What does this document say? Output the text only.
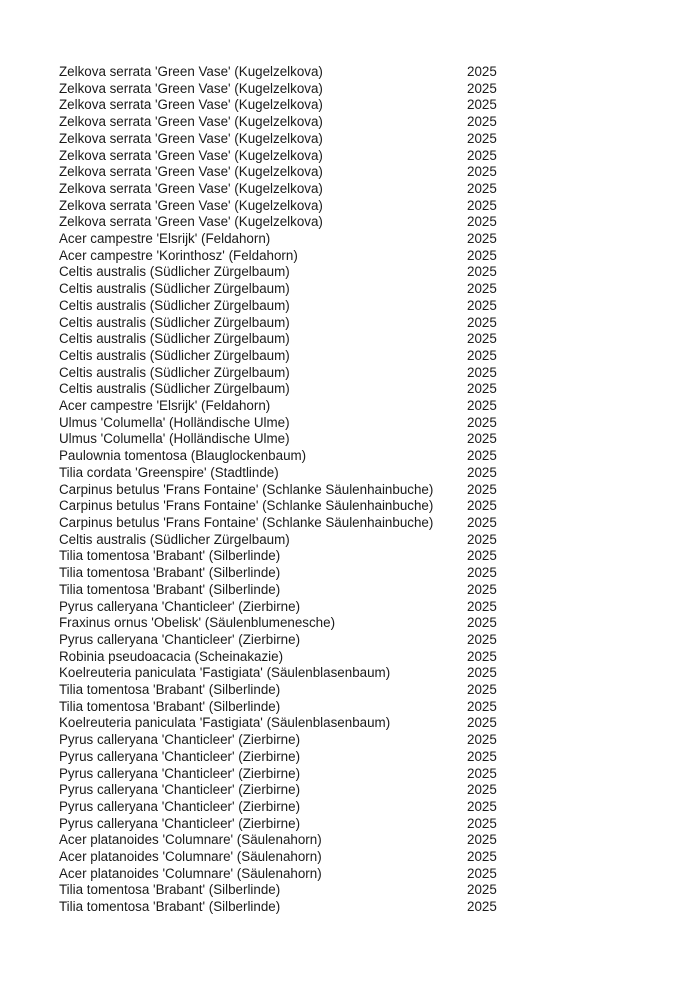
Zelkova serrata 'Green Vase' (Kugelzelkova)	2025
Zelkova serrata 'Green Vase' (Kugelzelkova)	2025
Zelkova serrata 'Green Vase' (Kugelzelkova)	2025
Zelkova serrata 'Green Vase' (Kugelzelkova)	2025
Zelkova serrata 'Green Vase' (Kugelzelkova)	2025
Zelkova serrata 'Green Vase' (Kugelzelkova)	2025
Zelkova serrata 'Green Vase' (Kugelzelkova)	2025
Zelkova serrata 'Green Vase' (Kugelzelkova)	2025
Zelkova serrata 'Green Vase' (Kugelzelkova)	2025
Zelkova serrata 'Green Vase' (Kugelzelkova)	2025
Acer campestre 'Elsrijk' (Feldahorn)	2025
Acer campestre 'Korinthosz' (Feldahorn)	2025
Celtis australis (Südlicher Zürgelbaum)	2025
Celtis australis (Südlicher Zürgelbaum)	2025
Celtis australis (Südlicher Zürgelbaum)	2025
Celtis australis (Südlicher Zürgelbaum)	2025
Celtis australis (Südlicher Zürgelbaum)	2025
Celtis australis (Südlicher Zürgelbaum)	2025
Celtis australis (Südlicher Zürgelbaum)	2025
Celtis australis (Südlicher Zürgelbaum)	2025
Acer campestre 'Elsrijk' (Feldahorn)	2025
Ulmus 'Columella' (Holländische Ulme)	2025
Ulmus 'Columella' (Holländische Ulme)	2025
Paulownia tomentosa (Blauglockenbaum)	2025
Tilia cordata 'Greenspire' (Stadtlinde)	2025
Carpinus betulus 'Frans Fontaine' (Schlanke Säulenhainbuche)	2025
Carpinus betulus 'Frans Fontaine' (Schlanke Säulenhainbuche)	2025
Carpinus betulus 'Frans Fontaine' (Schlanke Säulenhainbuche)	2025
Celtis australis (Südlicher Zürgelbaum)	2025
Tilia tomentosa 'Brabant' (Silberlinde)	2025
Tilia tomentosa 'Brabant' (Silberlinde)	2025
Tilia tomentosa 'Brabant' (Silberlinde)	2025
Pyrus calleryana 'Chanticleer' (Zierbirne)	2025
Fraxinus ornus 'Obelisk' (Säulenblumenesche)	2025
Pyrus calleryana 'Chanticleer' (Zierbirne)	2025
Robinia pseudoacacia (Scheinakazie)	2025
Koelreuteria paniculata 'Fastigiata' (Säulenblasenbaum)	2025
Tilia tomentosa 'Brabant' (Silberlinde)	2025
Tilia tomentosa 'Brabant' (Silberlinde)	2025
Koelreuteria paniculata 'Fastigiata' (Säulenblasenbaum)	2025
Pyrus calleryana 'Chanticleer' (Zierbirne)	2025
Pyrus calleryana 'Chanticleer' (Zierbirne)	2025
Pyrus calleryana 'Chanticleer' (Zierbirne)	2025
Pyrus calleryana 'Chanticleer' (Zierbirne)	2025
Pyrus calleryana 'Chanticleer' (Zierbirne)	2025
Pyrus calleryana 'Chanticleer' (Zierbirne)	2025
Acer platanoides 'Columnare' (Säulenahorn)	2025
Acer platanoides 'Columnare' (Säulenahorn)	2025
Acer platanoides 'Columnare' (Säulenahorn)	2025
Tilia tomentosa 'Brabant' (Silberlinde)	2025
Tilia tomentosa 'Brabant' (Silberlinde)	2025
